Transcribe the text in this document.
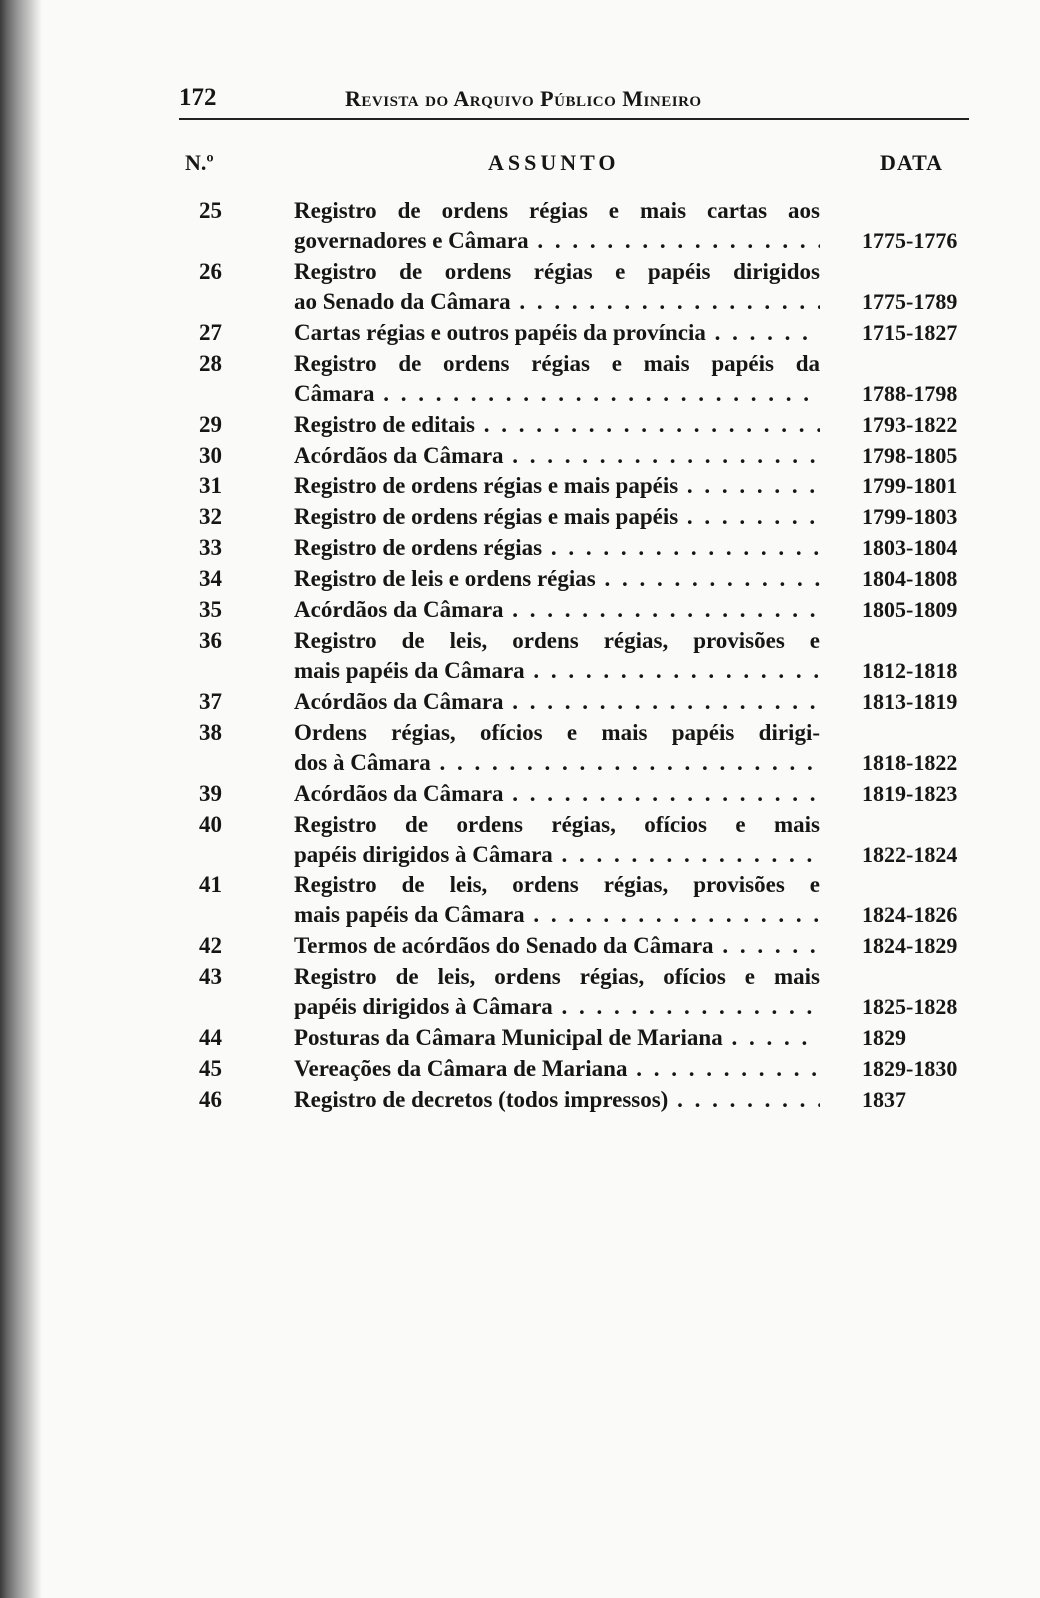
172	Revista do Arquivo Público Mineiro
N.º	ASSUNTO	DATA
25	Registro de ordens régias e mais cartas aos
governadores e Câmara . . .	1775-1776
26	Registro de ordens régias e papéis dirigidos
ao Senado da Câmara . . .	1775-1789
27	Cartas régias e outros papéis da província . . .	1715-1827
28	Registro de ordens régias e mais papéis da
Câmara . . .	1788-1798
29	Registro de editais . . .	1793-1822
30	Acórdãos da Câmara . . .	1798-1805
31	Registro de ordens régias e mais papéis . . .	1799-1801
32	Registro de ordens régias e mais papéis . . .	1799-1803
33	Registro de ordens régias . . .	1803-1804
34	Registro de leis e ordens régias . . .	1804-1808
35	Acórdãos da Câmara . . .	1805-1809
36	Registro de leis, ordens régias, provisões e
mais papéis da Câmara . . .	1812-1818
37	Acórdãos da Câmara . . .	1813-1819
38	Ordens régias, ofícios e mais papéis dirigi-
dos à Câmara . . .	1818-1822
39	Acórdãos da Câmara . . .	1819-1823
40	Registro de ordens régias, ofícios e mais
papéis dirigidos à Câmara . . .	1822-1824
41	Registro de leis, ordens régias, provisões e
mais papéis da Câmara . . .	1824-1826
42	Termos de acórdãos do Senado da Câmara . . .	1824-1829
43	Registro de leis, ordens régias, ofícios e mais
papéis dirigidos à Câmara . . .	1825-1828
44	Posturas da Câmara Municipal de Mariana . . .	1829
45	Vereações da Câmara de Mariana . . .	1829-1830
46	Registro de decretos (todos impressos) . . .	1837
